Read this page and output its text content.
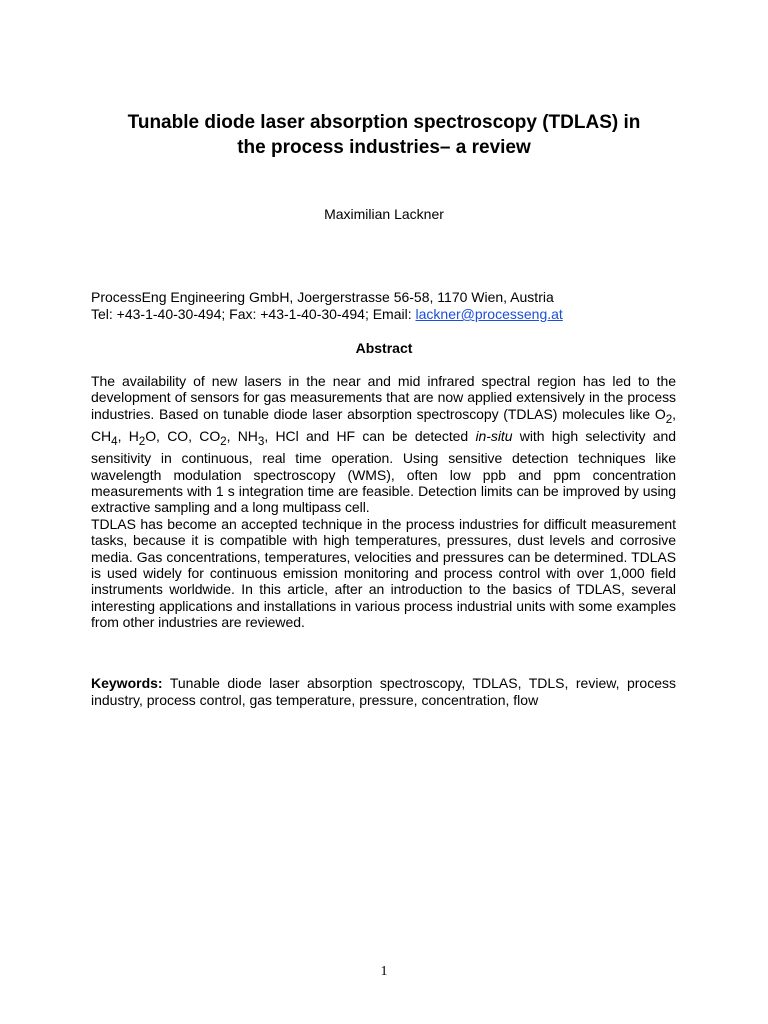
Tunable diode laser absorption spectroscopy (TDLAS) in
the process industries– a review
Maximilian Lackner
ProcessEng Engineering GmbH, Joergerstrasse 56-58, 1170 Wien, Austria
Tel: +43-1-40-30-494; Fax: +43-1-40-30-494; Email: lackner@processeng.at
Abstract
The availability of new lasers in the near and mid infrared spectral region has led to the development of sensors for gas measurements that are now applied extensively in the process industries. Based on tunable diode laser absorption spectroscopy (TDLAS) molecules like $O_2$, $CH_4$, $H_2O$, CO, $CO_2$, $NH_3$, HCl and HF can be detected in-situ with high selectivity and sensitivity in continuous, real time operation. Using sensitive detection techniques like wavelength modulation spectroscopy (WMS), often low ppb and ppm concentration measurements with 1 s integration time are feasible. Detection limits can be improved by using extractive sampling and a long multipass cell.
TDLAS has become an accepted technique in the process industries for difficult measurement tasks, because it is compatible with high temperatures, pressures, dust levels and corrosive media. Gas concentrations, temperatures, velocities and pressures can be determined. TDLAS is used widely for continuous emission monitoring and process control with over 1,000 field instruments worldwide. In this article, after an introduction to the basics of TDLAS, several interesting applications and installations in various process industrial units with some examples from other industries are reviewed.
Keywords: Tunable diode laser absorption spectroscopy, TDLAS, TDLS, review, process industry, process control, gas temperature, pressure, concentration, flow
1
